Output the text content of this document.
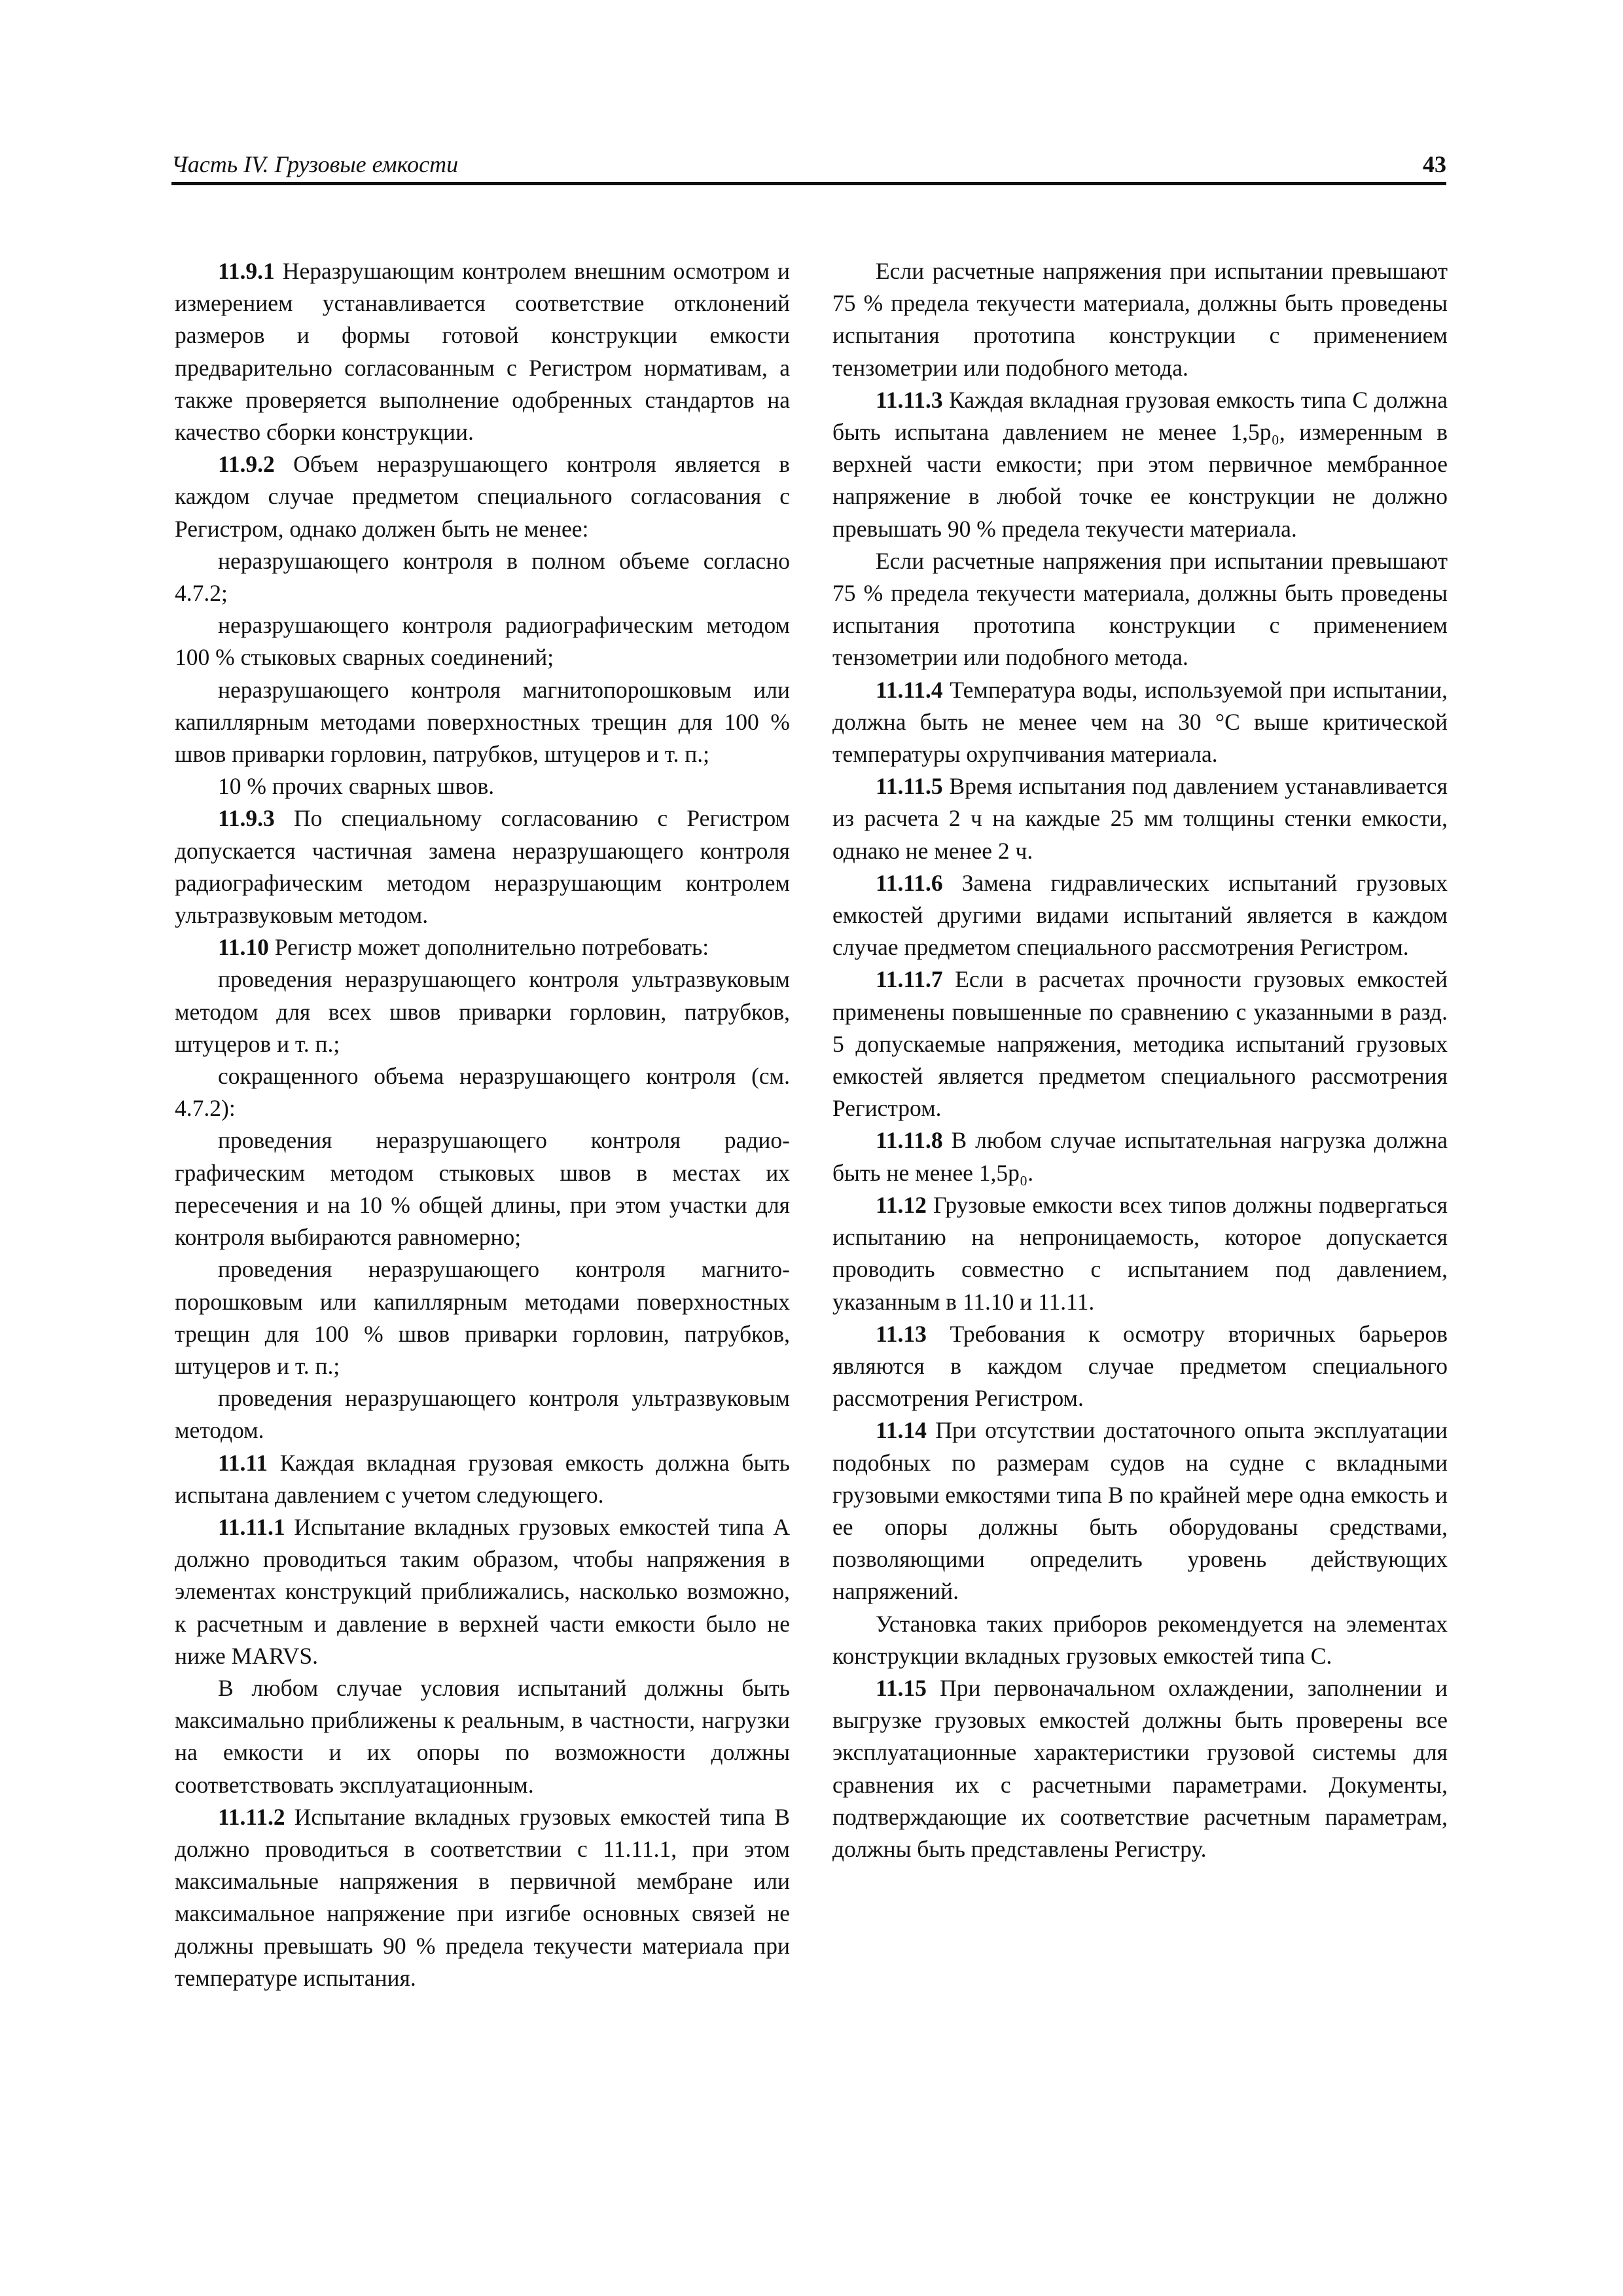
Часть IV. Грузовые емкости	43

11.9.1 Неразрушающим контролем внешним осмотром и измерением устанавливается соответствие отклонений размеров и формы готовой конструкции емкости предварительно согласованным с Регистром нормативам, а также проверяется выполнение одобренных стандартов на качество сборки конструкции.

11.9.2 Объем неразрушающего контроля является в каждом случае предметом специального согласования с Регистром, однако должен быть не менее:

неразрушающего контроля в полном объеме согласно 4.7.2;

неразрушающего контроля радиографическим методом 100 % стыковых сварных соединений;

неразрушающего контроля магнитопорошковым или капиллярным методами поверхностных трещин для 100 % швов приварки горловин, патрубков, штуцеров и т. п.;

10 % прочих сварных швов.

11.9.3 По специальному согласованию с Регистром допускается частичная замена неразрушающего контроля радиографическим методом неразрушающим контролем ультразвуковым методом.

11.10 Регистр может дополнительно потребовать:

проведения неразрушающего контроля ультразвуковым методом для всех швов приварки горловин, патрубков, штуцеров и т. п.;

сокращенного объема неразрушающего контроля (см. 4.7.2):

проведения неразрушающего контроля радиографическим методом стыковых швов в местах их пересечения и на 10 % общей длины, при этом участки для контроля выбираются равномерно;

проведения неразрушающего контроля магнитопорошковым или капиллярным методами поверхностных трещин для 100 % швов приварки горловин, патрубков, штуцеров и т. п.;

проведения неразрушающего контроля ультразвуковым методом.

11.11 Каждая вкладная грузовая емкость должна быть испытана давлением с учетом следующего.

11.11.1 Испытание вкладных грузовых емкостей типа А должно проводиться таким образом, чтобы напряжения в элементах конструкций приближались, насколько возможно, к расчетным и давление в верхней части емкости было не ниже MARVS.

В любом случае условия испытаний должны быть максимально приближены к реальным, в частности, нагрузки на емкости и их опоры по возможности должны соответствовать эксплуатационным.

11.11.2 Испытание вкладных грузовых емкостей типа В должно проводиться в соответствии с 11.11.1, при этом максимальные напряжения в первичной мембране или максимальное напряжение при изгибе основных связей не должны превышать 90 % предела текучести материала при температуре испытания.

Если расчетные напряжения при испытании превышают 75 % предела текучести материала, должны быть проведены испытания прототипа конструкции с применением тензометрии или подобного метода.

11.11.3 Каждая вкладная грузовая емкость типа С должна быть испытана давлением не менее 1,5p₀, измеренным в верхней части емкости; при этом первичное мембранное напряжение в любой точке ее конструкции не должно превышать 90 % предела текучести материала.

Если расчетные напряжения при испытании превышают 75 % предела текучести материала, должны быть проведены испытания прототипа конструкции с применением тензометрии или подобного метода.

11.11.4 Температура воды, используемой при испытании, должна быть не менее чем на 30 °C выше критической температуры охрупчивания материала.

11.11.5 Время испытания под давлением устанавливается из расчета 2 ч на каждые 25 мм толщины стенки емкости, однако не менее 2 ч.

11.11.6 Замена гидравлических испытаний грузовых емкостей другими видами испытаний является в каждом случае предметом специального рассмотрения Регистром.

11.11.7 Если в расчетах прочности грузовых емкостей применены повышенные по сравнению с указанными в разд. 5 допускаемые напряжения, методика испытаний грузовых емкостей является предметом специального рассмотрения Регистром.

11.11.8 В любом случае испытательная нагрузка должна быть не менее 1,5p₀.

11.12 Грузовые емкости всех типов должны подвергаться испытанию на непроницаемость, которое допускается проводить совместно с испытанием под давлением, указанным в 11.10 и 11.11.

11.13 Требования к осмотру вторичных барьеров являются в каждом случае предметом специального рассмотрения Регистром.

11.14 При отсутствии достаточного опыта эксплуатации подобных по размерам судов на судне с вкладными грузовыми емкостями типа В по крайней мере одна емкость и ее опоры должны быть оборудованы средствами, позволяющими определить уровень действующих напряжений.

Установка таких приборов рекомендуется на элементах конструкции вкладных грузовых емкостей типа С.

11.15 При первоначальном охлаждении, заполнении и выгрузке грузовых емкостей должны быть проверены все эксплуатационные характеристики грузовой системы для сравнения их с расчетными параметрами. Документы, подтверждающие их соответствие расчетным параметрам, должны быть представлены Регистру.
